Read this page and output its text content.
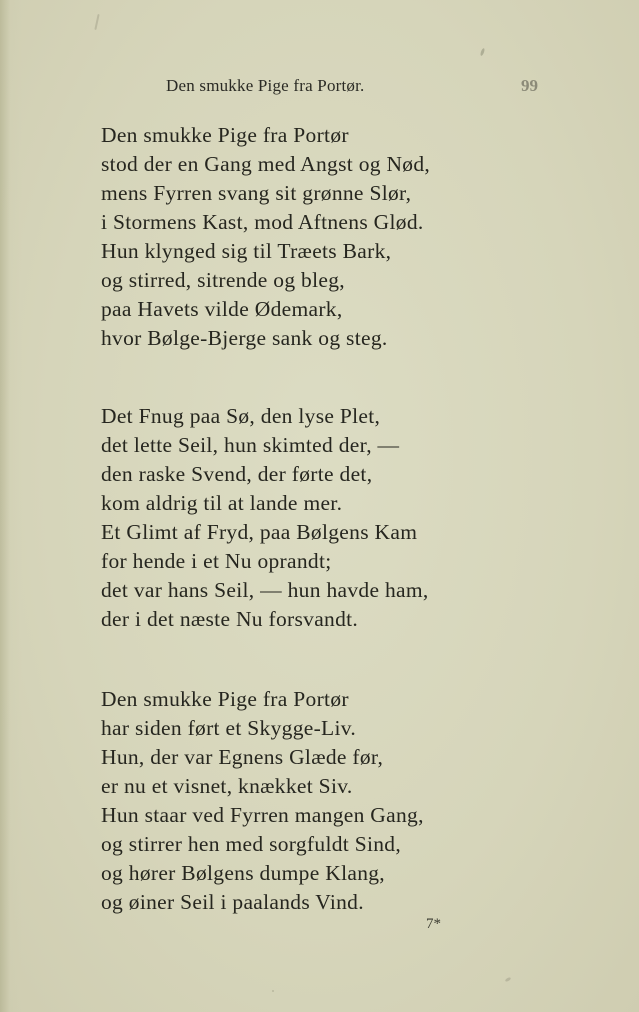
Den smukke Pige fra Portør.	99
Den smukke Pige fra Portør
stod der en Gang med Angst og Nød,
mens Fyrren svang sit grønne Slør,
i Stormens Kast, mod Aftnens Glød.
Hun klynged sig til Træets Bark,
og stirred, sitrende og bleg,
paa Havets vilde Ødemark,
hvor Bølge-Bjerge sank og steg.
Det Fnug paa Sø, den lyse Plet,
det lette Seil, hun skimted der, —
den raske Svend, der førte det,
kom aldrig til at lande mer.
Et Glimt af Fryd, paa Bølgens Kam
for hende i et Nu oprandt;
det var hans Seil, — hun havde ham,
der i det næste Nu forsvandt.
Den smukke Pige fra Portør
har siden ført et Skygge-Liv.
Hun, der var Egnens Glæde før,
er nu et visnet, knækket Siv.
Hun staar ved Fyrren mangen Gang,
og stirrer hen med sorgfuldt Sind,
og hører Bølgens dumpe Klang,
og øiner Seil i paalands Vind.
7*
